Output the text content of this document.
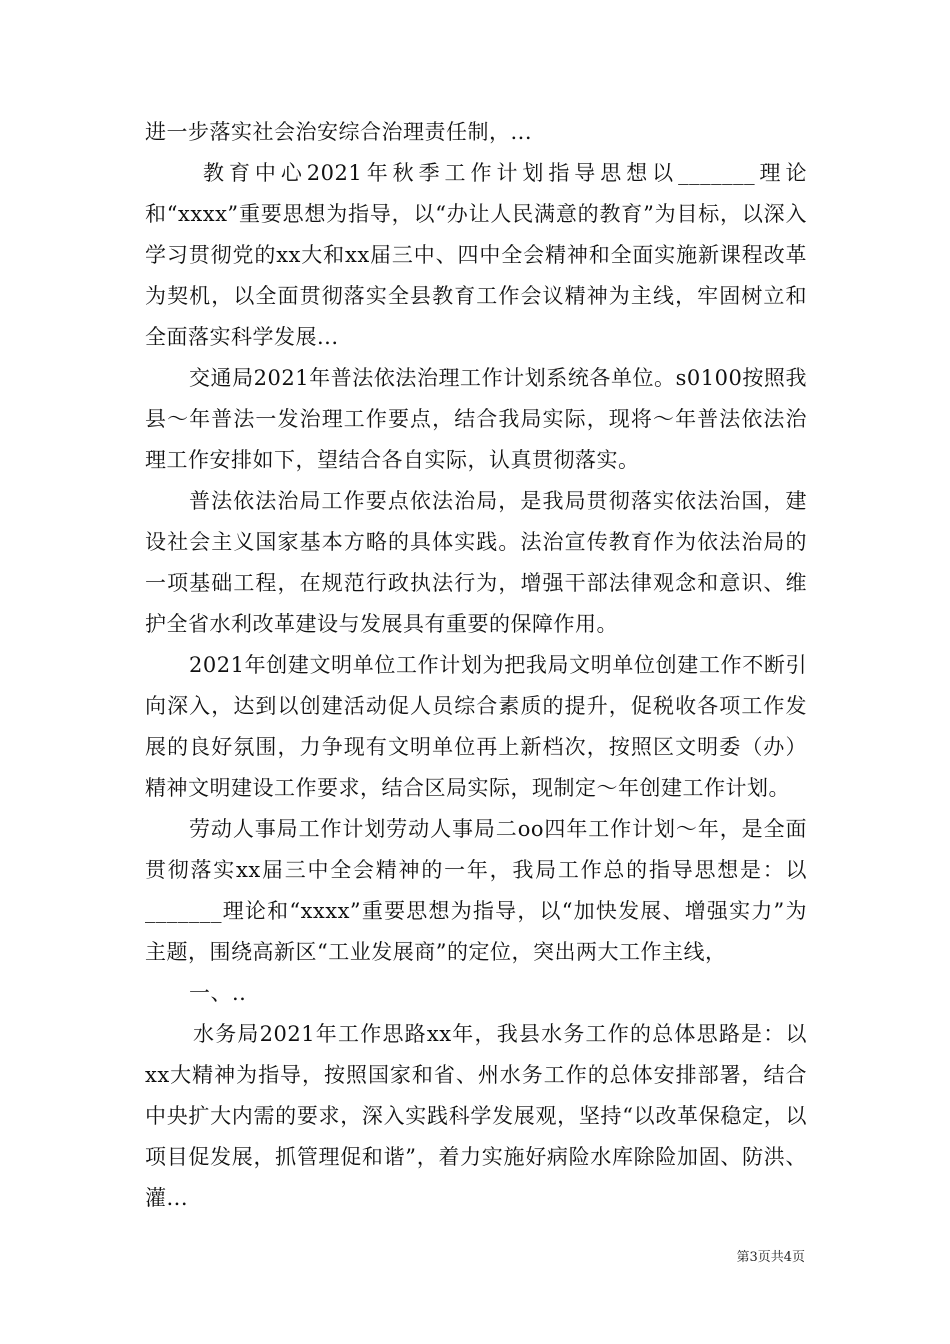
进一步落实社会治安综合治理责任制，...

教育中心2021年秋季工作计划指导思想以_______理论和“xxxx”重要思想为指导，以“办让人民满意的教育”为目标，以深入学习贯彻党的xx大和xx届三中、四中全会精神和全面实施新课程改革为契机，以全面贯彻落实全县教育工作会议精神为主线，牢固树立和全面落实科学发展...

交通局2021年普法依法治理工作计划系统各单位。s0100按照我县～年普法一发治理工作要点，结合我局实际，现将～年普法依法治理工作安排如下，望结合各自实际，认真贯彻落实。

普法依法治局工作要点依法治局，是我局贯彻落实依法治国，建设社会主义国家基本方略的具体实践。法治宣传教育作为依法治局的一项基础工程，在规范行政执法行为，增强干部法律观念和意识、维护全省水利改革建设与发展具有重要的保障作用。

2021年创建文明单位工作计划为把我局文明单位创建工作不断引向深入，达到以创建活动促人员综合素质的提升，促税收各项工作发展的良好氛围，力争现有文明单位再上新档次，按照区文明委（办）精神文明建设工作要求，结合区局实际，现制定～年创建工作计划。

劳动人事局工作计划劳动人事局二oo四年工作计划～年，是全面贯彻落实xx届三中全会精神的一年，我局工作总的指导思想是：以_______理论和“xxxx”重要思想为指导，以“加快发展、增强实力”为主题，围绕高新区“工业发展商”的定位，突出两大工作主线，

一、..

水务局2021年工作思路xx年，我县水务工作的总体思路是：以xx大精神为指导，按照国家和省、州水务工作的总体安排部署，结合中央扩大内需的要求，深入实践科学发展观，坚持“以改革保稳定，以项目促发展，抓管理促和谐”，着力实施好病险水库除险加固、防洪、灌...

第3页共4页
